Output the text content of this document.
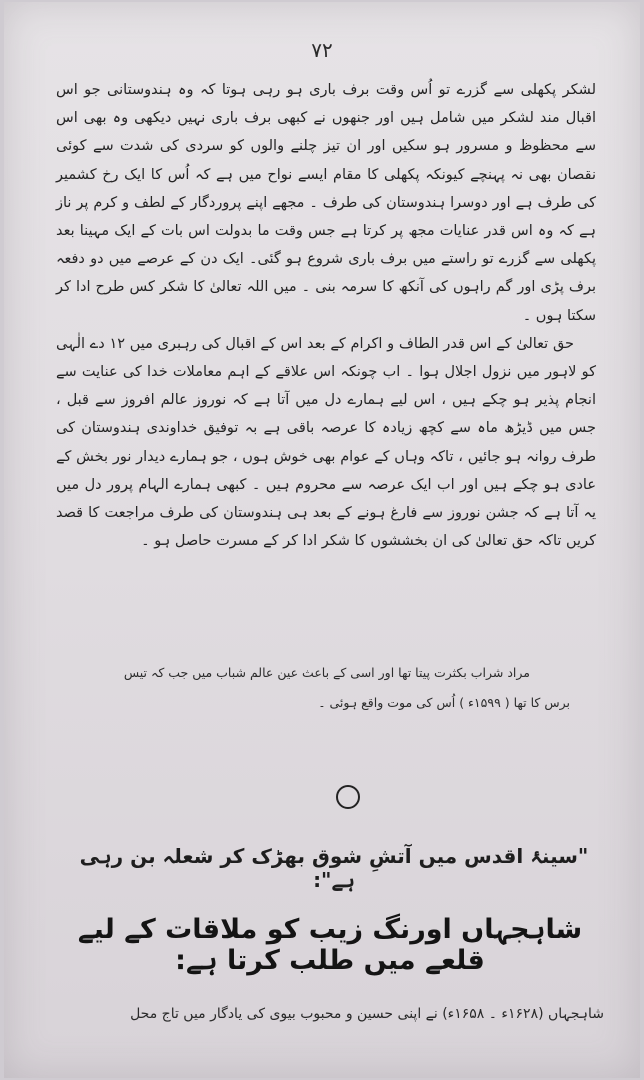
۷۲

لشکر پکھلی سے گزرے تو اُس وقت برف باری ہو رہی ہوتا کہ وہ ہندوستانی جو اس اقبال مند لشکر میں شامل ہیں اور جنھوں نے کبھی برف باری نہیں دیکھی وہ بھی اس سے محظوظ و مسرور ہو سکیں اور ان تیز چلنے والوں کو سردی کی شدت سے کوئی نقصان بھی نہ پہنچے کیونکہ پکھلی کا مقام ایسے نواح میں ہے کہ اُس کا ایک رخ کشمیر کی طرف ہے اور دوسرا ہندوستان کی طرف ۔ مجھے اپنے پروردگار کے لطف و کرم پر ناز ہے کہ وہ اس قدر عنایات مجھ پر کرتا ہے جس وقت ما بدولت اس بات کے ایک مہینا بعد پکھلی سے گزرے تو راستے میں برف باری شروع ہو گئی۔ ایک دن کے عرصے میں دو دفعہ برف پڑی اور گم راہوں کی آنکھ کا سرمہ بنی ۔ میں اللہ تعالیٰ کا شکر کس طرح ادا کر سکتا ہوں ۔

حق تعالیٰ کے اس قدر الطاف و اکرام کے بعد اس کے اقبال کی رہبری میں ۱۲ دے الٰہی کو لاہور میں نزول اجلال ہوا ۔ اب چونکہ اس علاقے کے اہم معاملات خدا کی عنایت سے انجام پذیر ہو چکے ہیں ، اس لیے ہمارے دل میں آتا ہے کہ نوروز عالم افروز سے قبل ، جس میں ڈیڑھ ماہ سے کچھ زیادہ کا عرصہ باقی ہے بہ توفیق خداوندی ہندوستان کی طرف روانہ ہو جائیں ، تاکہ وہاں کے عوام بھی خوش ہوں ، جو ہمارے دیدار نور بخش کے عادی ہو چکے ہیں اور اب ایک عرصہ سے محروم ہیں ۔ کبھی ہمارے الہام پرور دل میں یہ آتا ہے کہ جشن نوروز سے فارغ ہونے کے بعد ہی ہندوستان کی طرف مراجعت کا قصد کریں تاکہ حق تعالیٰ کی ان بخششوں کا شکر ادا کر کے مسرت حاصل ہو ۔

مراد شراب بکثرت پیتا تھا اور اسی کے باعث عین عالم شباب میں جب کہ تیس

برس کا تھا ( ۱۵۹۹ء ) اُس کی موت واقع ہوئی ۔

"سینۂ اقدس میں آتشِ شوق بھڑک کر شعلہ بن رہی ہے":
شاہجہاں اورنگ زیب کو ملاقات کے لیے قلعے میں طلب کرتا ہے:
شاہجہاں (۱۶۲۸ء ۔ ۱۶۵۸ء) نے اپنی حسین و محبوب بیوی کی یادگار میں تاج محل
